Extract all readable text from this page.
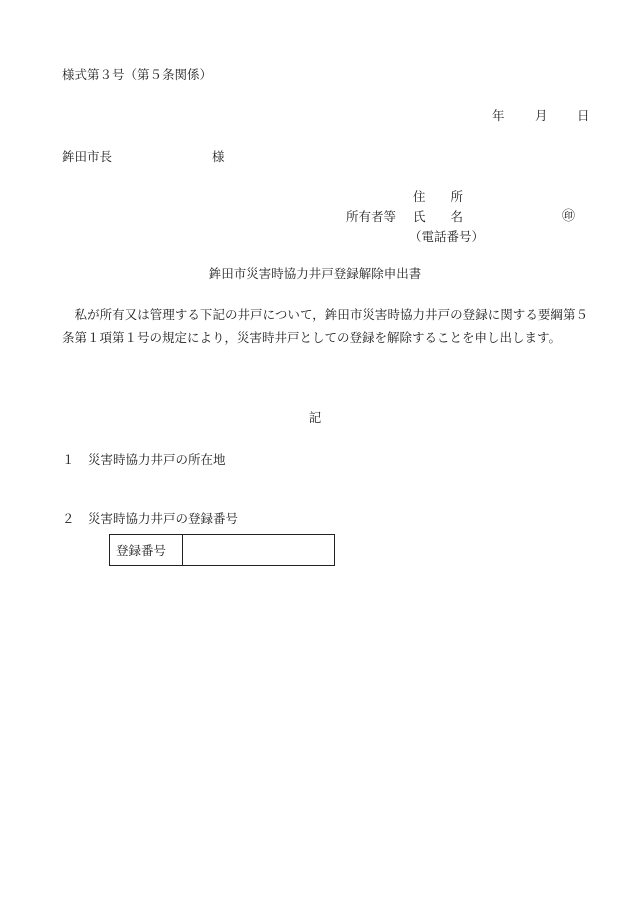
様式第３号（第５条関係）
年 月 日
鉾田市長	様
住　　所
所有者等 氏　　名	㊞
（電話番号）
鉾田市災害時協力井戸登録解除申出書

　私が所有又は管理する下記の井戸について，鉾田市災害時協力井戸の登録に関する要綱第５条第１項第１号の規定により，災害時井戸としての登録を解除することを申し出します。

記
１ 災害時協力井戸の所在地
２ 災害時協力井戸の登録番号
登録番号
